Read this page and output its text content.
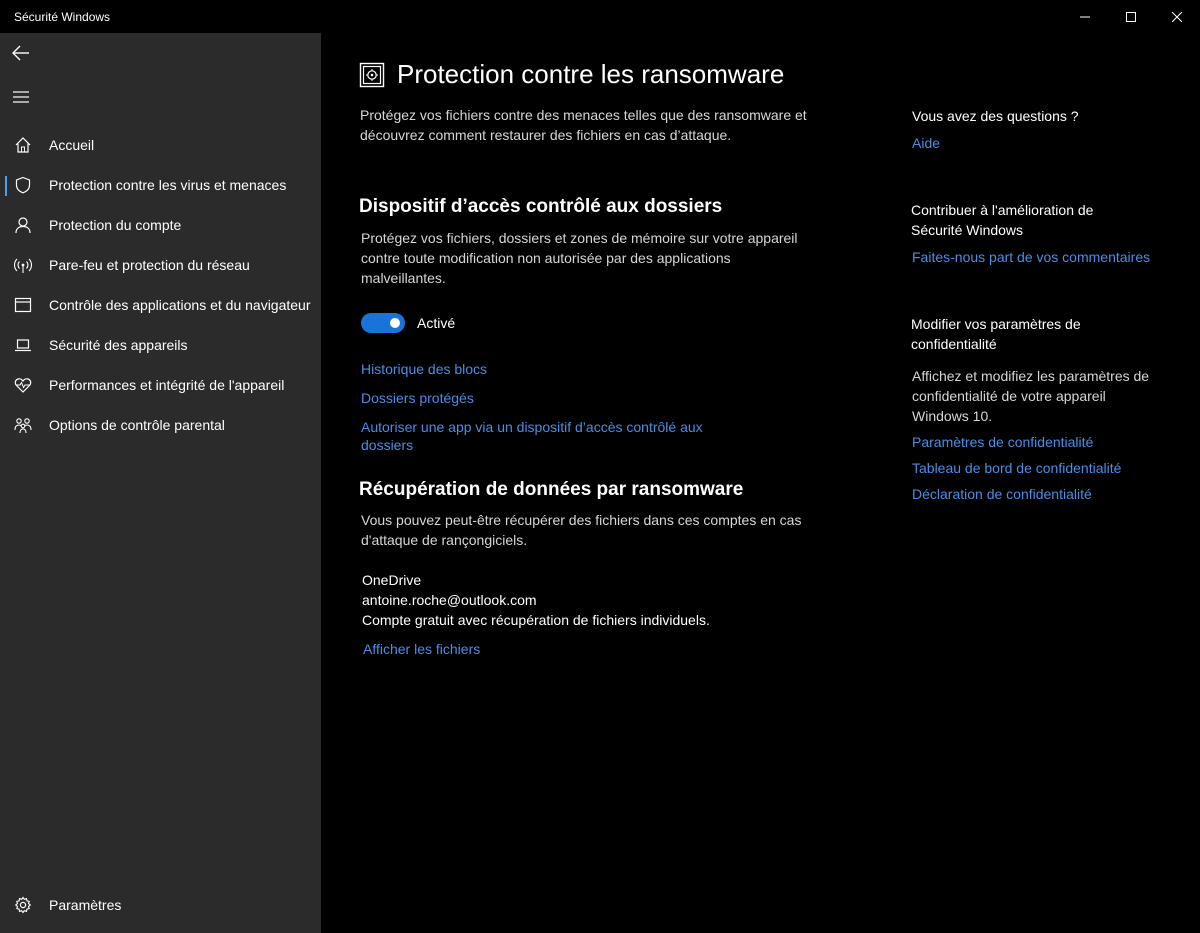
Sécurité Windows
Accueil
Protection contre les virus et menaces
Protection du compte
Pare-feu et protection du réseau
Contrôle des applications et du navigateur
Sécurité des appareils
Performances et intégrité de l'appareil
Options de contrôle parental
Paramètres
Protection contre les ransomware

Protégez vos fichiers contre des menaces telles que des ransomware et découvrez comment restaurer des fichiers en cas d’attaque.

Dispositif d’accès contrôlé aux dossiers

Protégez vos fichiers, dossiers et zones de mémoire sur votre appareil contre toute modification non autorisée par des applications malveillantes.

Activé
Historique des blocs
Dossiers protégés
Autoriser une app via un dispositif d’accès contrôlé aux dossiers
Récupération de données par ransomware

Vous pouvez peut-être récupérer des fichiers dans ces comptes en cas d'attaque de rançongiciels.

OneDrive
antoine.roche@outlook.com
Compte gratuit avec récupération de fichiers individuels.
Afficher les fichiers
Vous avez des questions ?
Aide
Contribuer à l'amélioration de Sécurité Windows
Faites-nous part de vos commentaires
Modifier vos paramètres de confidentialité

Affichez et modifiez les paramètres de confidentialité de votre appareil Windows 10.

Paramètres de confidentialité
Tableau de bord de confidentialité
Déclaration de confidentialité
